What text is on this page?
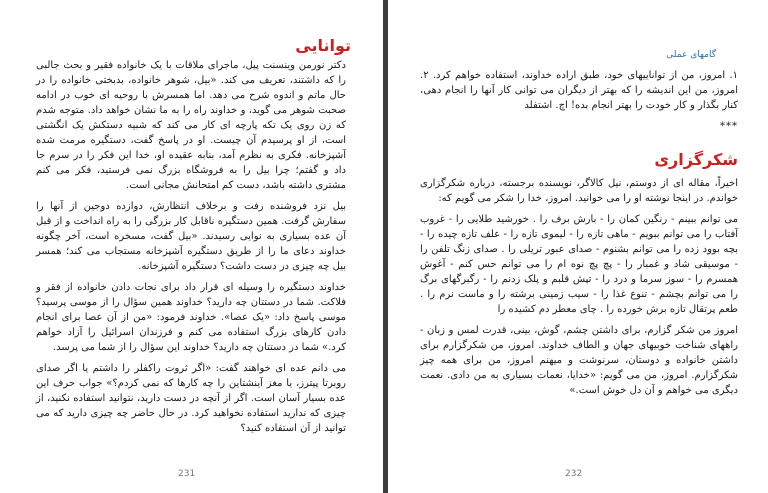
توانایی

دکتر نورمن وینسنت پیل، ماجرای ملاقات با یک خانواده فقیر و بحث جالبی را که داشتند، تعریف می کند. «بیل، شوهر خانواده، بدبختی خانواده را در حال ماتم و اندوه شرح می دهد. اما همسرش با روحیه ای خوب در ادامه صحبت شوهر می گوید، و خداوند راه را به ما نشان خواهد داد. متوجه شدم که زن روی یک تکه پارچه ای کار می کند که شبیه دستکش یک انگشتی است، از او پرسیدم آن چیست. او در پاسخ گفت، دستگیره مرمت شده آشپزخانه. فکری به نظرم آمد، بنابه عقیده او، خدا این فکر را در سرم جا داد و گفتم؛ چرا بیل را به فروشگاه بزرگ نمی فرستید، فکر می کنم مشتری داشته باشد، دست کم امتحانش مجانی است.

بیل نزد فروشنده رفت و برخلاف انتظارش، دوازده دوجین از آنها را سفارش گرفت. همین دستگیره ناقابل کار بزرگی را به راه انداخت و از قبل آن عده بسیاری به نوایی رسیدند. «بیل گفت، مسخره است، آخر چگونه خداوند دعای ما را از طریق دستگیره آشپزخانه مستجاب می کند؛ همسر بیل چه چیزی در دست داشت؟ دستگیره آشپزخانه.

خداوند دستگیره را وسیله ای قرار داد برای نجات دادن خانواده از فقر و فلاکت. شما در دستتان چه دارید؟ خداوند همین سؤال را از موسی پرسید؟ موسی پاسخ داد: «یک عصا». خداوند فرمود: «من از آن عصا برای انجام دادن کارهای بزرگ استفاده می کنم و فرزندان اسرائیل را آزاد خواهم کرد.» شما در دستتان چه دارید؟ خداوند این سؤال را از شما می پرسد.

می دانم عده ای خواهند گفت: «اگر ثروت راکفلر را داشتم یا اگر صدای روبرتا پیترز، یا مغز آینشتاین را چه کارها که نمی کردم؟» جواب حرف این عده بسیار آسان است. اگر از آنچه در دست دارید، نتوانید استفاده نکنید، از چیزی که ندارید استفاده نخواهید کرد. در حال حاضر چه چیزی دارید که می توانید از آن استفاده کنید؟

231
گامهای عملی

۱. امروز، من از تواناییهای خود، طبق اراده خداوند، استفاده خواهم کرد. ۲. امروز، من این اندیشه را که بهتر از دیگران می توانی کار آنها را انجام دهی، کنار بگذار و کار خودت را بهتر انجام بده! اچ. اشتفلد

***
شکرگزاری

اخیراً، مقاله ای از دوستم، نیل کالاگر، نویسنده برجسته، درباره شکرگزاری خواندم. در اینجا نوشته او را می خوانید. امروز، خدا را شکر می گویم که:

می توانم ببینم - رنگین کمان را - بارش برف را . خورشید طلایی را - غروب آفتاب را می توانم ببویم - ماهی تازه را - لیموی تازه را - علف تازه چیده را - بچه بوود زده را می توانم بشنوم - صدای عبور تریلی را . صدای زنگ تلفن را - موسیقی شاد و غمبار را - پچ پچ نوه ام را می توانم حس کنم - آغوش همسرم را - سوز سرما و درد را - تپش قلبم و پلک زدنم را - رگبرگهای برگ را می توانم بچشم - تنوع غذا را - سیب زمینی برشته را و ماست نرم را . طعم پرتقال تازه برش خورده را . چای معطر دم کشیده را

امروز من شکر گزارم، برای داشتن چشم، گوش، بینی، قدرت لمس و زبان - راههای شناخت خوبیهای جهان و الطاف خداوند. امروز، من شکرگزارم برای داشتن خانواده و دوستان، سرنوشت و میهنم امروز، من برای همه چیز شکرگزارم. امروز، من می گویم: «خدایا، نعمات بسیاری به من دادی. نعمت دیگری می خواهم و آن دل خوش است.»

232
